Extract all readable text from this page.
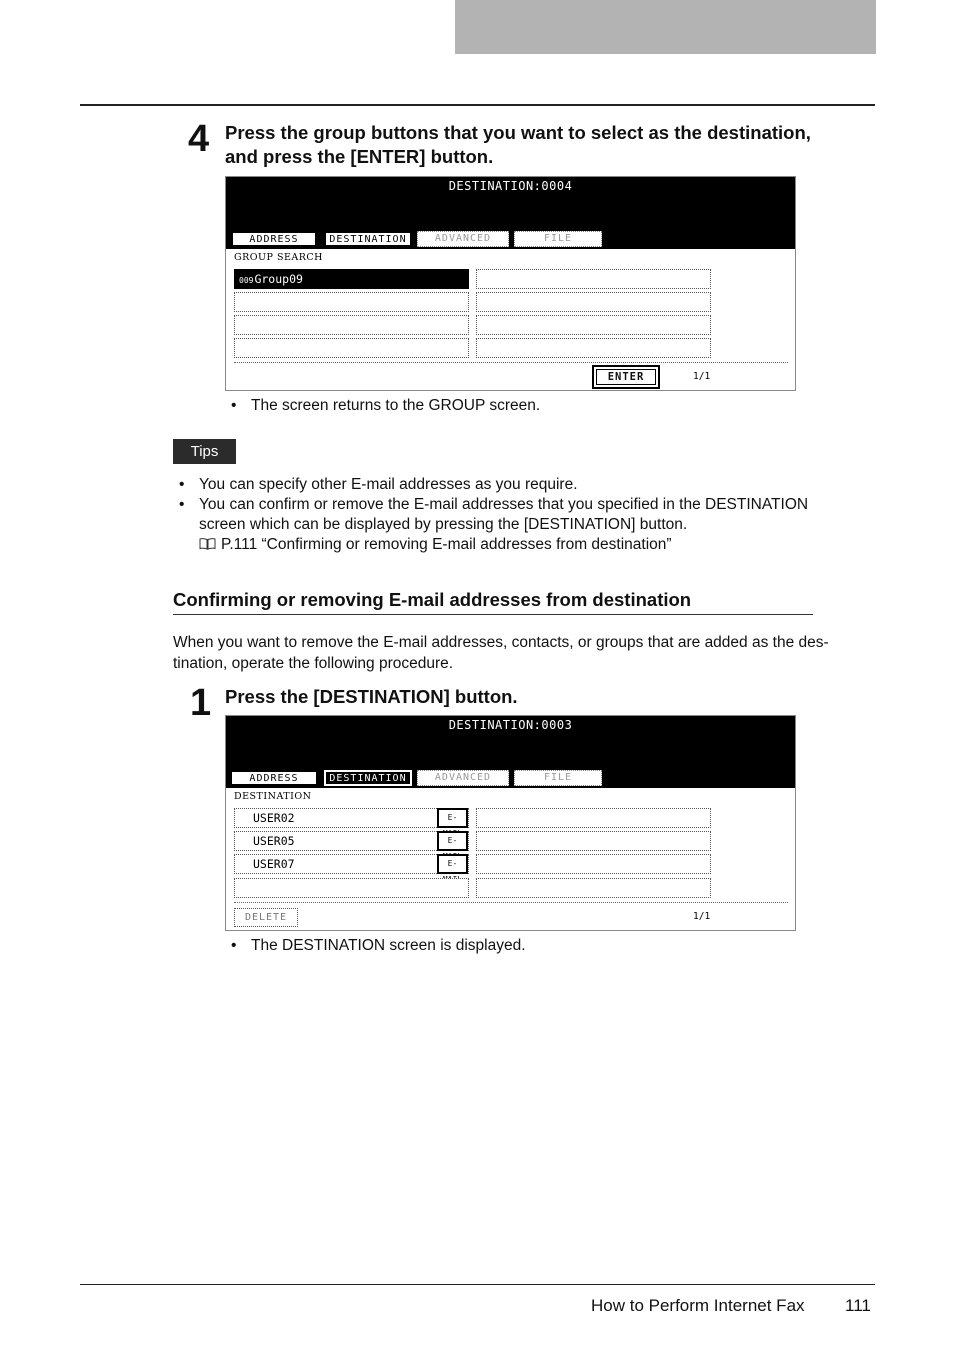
4 Press the group buttons that you want to select as the destination,
and press the [ENTER] button.
DESTINATION:0004
ADDRESS	DESTINATION	ADVANCED	FILE
GROUP SEARCH
009Group09
ENTER	1/1
• The screen returns to the GROUP screen.
Tips
• You can specify other E-mail addresses as you require.
• You can confirm or remove the E-mail addresses that you specified in the DESTINATION
screen which can be displayed by pressing the [DESTINATION] button.
P.111 “Confirming or removing E-mail addresses from destination”
Confirming or removing E-mail addresses from destination
When you want to remove the E-mail addresses, contacts, or groups that are added as the des-
tination, operate the following procedure.
1 Press the [DESTINATION] button.
DESTINATION:0003
ADDRESS	DESTINATION	ADVANCED	FILE
DESTINATION
USER02	E-
USER05	E-
USER07	E-
DELETE	1/1
• The DESTINATION screen is displayed.
How to Perform Internet Fax 111
